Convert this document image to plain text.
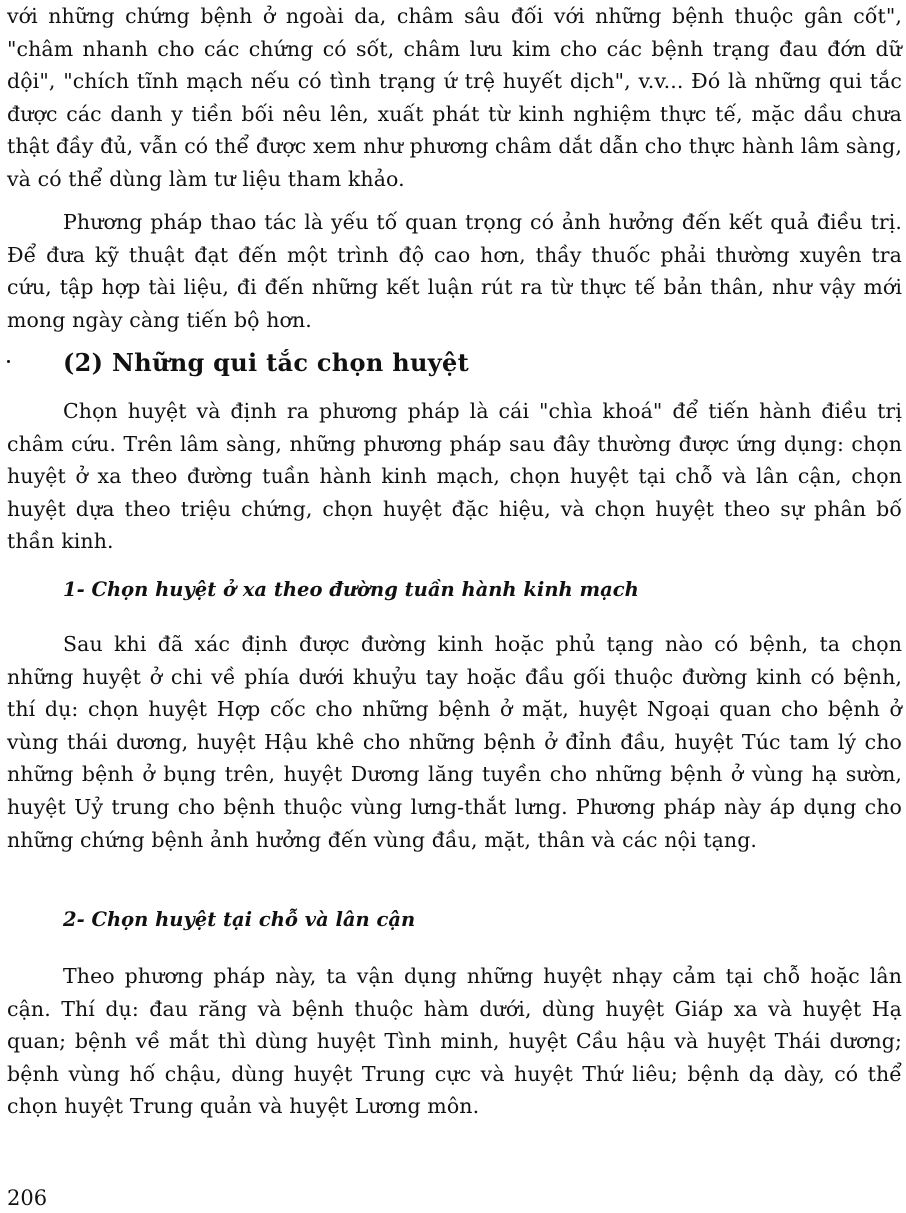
với những chứng bệnh ở ngoài da, châm sâu đối với những bệnh thuộc gân cốt", "châm nhanh cho các chứng có sốt, châm lưu kim cho các bệnh trạng đau đớn dữ dội", "chích tĩnh mạch nếu có tình trạng ứ trệ huyết dịch", v.v... Đó là những qui tắc được các danh y tiền bối nêu lên, xuất phát từ kinh nghiệm thực tế, mặc dầu chưa thật đầy đủ, vẫn có thể được xem như phương châm dắt dẫn cho thực hành lâm sàng, và có thể dùng làm tư liệu tham khảo.

Phương pháp thao tác là yếu tố quan trọng có ảnh hưởng đến kết quả điều trị. Để đưa kỹ thuật đạt đến một trình độ cao hơn, thầy thuốc phải thường xuyên tra cứu, tập hợp tài liệu, đi đến những kết luận rút ra từ thực tế bản thân, như vậy mới mong ngày càng tiến bộ hơn.

(2) Những qui tắc chọn huyệt

Chọn huyệt và định ra phương pháp là cái "chìa khoá" để tiến hành điều trị châm cứu. Trên lâm sàng, những phương pháp sau đây thường được ứng dụng: chọn huyệt ở xa theo đường tuần hành kinh mạch, chọn huyệt tại chỗ và lân cận, chọn huyệt dựa theo triệu chứng, chọn huyệt đặc hiệu, và chọn huyệt theo sự phân bố thần kinh.

1- Chọn huyệt ở xa theo đường tuần hành kinh mạch

Sau khi đã xác định được đường kinh hoặc phủ tạng nào có bệnh, ta chọn những huyệt ở chi về phía dưới khuỷu tay hoặc đầu gối thuộc đường kinh có bệnh, thí dụ: chọn huyệt Hợp cốc cho những bệnh ở mặt, huyệt Ngoại quan cho bệnh ở vùng thái dương, huyệt Hậu khê cho những bệnh ở đỉnh đầu, huyệt Túc tam lý cho những bệnh ở bụng trên, huyệt Dương lăng tuyền cho những bệnh ở vùng hạ sườn, huyệt Uỷ trung cho bệnh thuộc vùng lưng-thắt lưng. Phương pháp này áp dụng cho những chứng bệnh ảnh hưởng đến vùng đầu, mặt, thân và các nội tạng.

2- Chọn huyệt tại chỗ và lân cận

Theo phương pháp này, ta vận dụng những huyệt nhạy cảm tại chỗ hoặc lân cận. Thí dụ: đau răng và bệnh thuộc hàm dưới, dùng huyệt Giáp xa và huyệt Hạ quan; bệnh về mắt thì dùng huyệt Tình minh, huyệt Cầu hậu và huyệt Thái dương; bệnh vùng hố chậu, dùng huyệt Trung cực và huyệt Thứ liêu; bệnh dạ dày, có thể chọn huyệt Trung quản và huyệt Lương môn.

206
